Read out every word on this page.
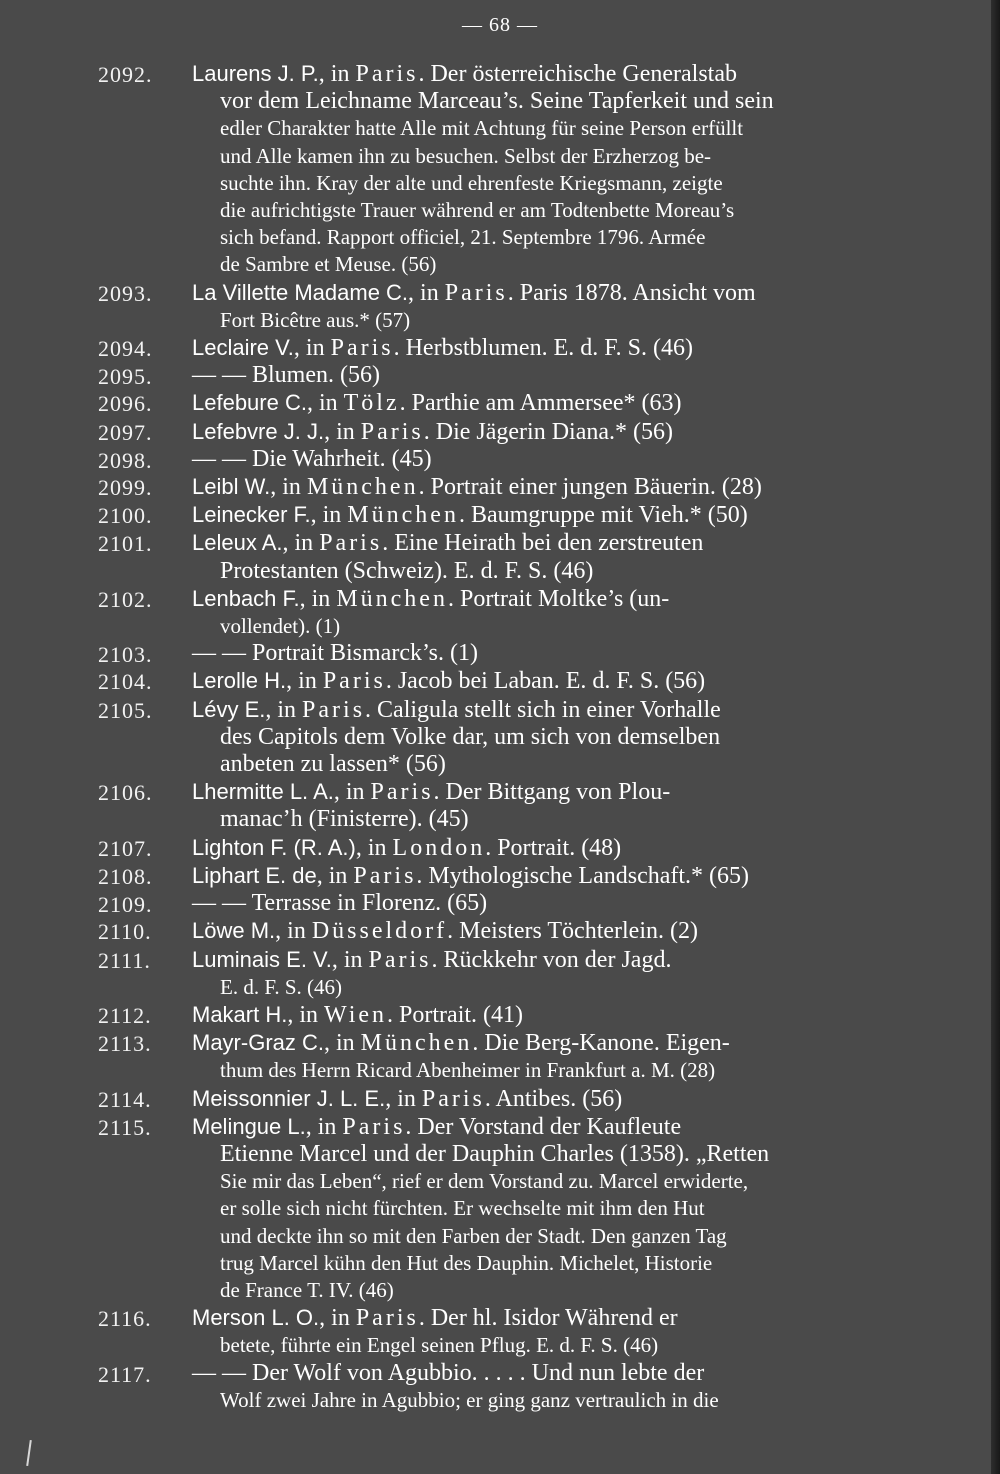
— 68 —
2092. Laurens J. P., in Paris. Der österreichische Generalstab
vor dem Leichname Marceau’s. Seine Tapferkeit und sein
edler Charakter hatte Alle mit Achtung für seine Person erfüllt
und Alle kamen ihn zu besuchen. Selbst der Erzherzog be-
suchte ihn. Kray der alte und ehrenfeste Kriegsmann, zeigte
die aufrichtigste Trauer während er am Todtenbette Moreau’s
sich befand. Rapport officiel, 21. Septembre 1796. Armée
de Sambre et Meuse. (56)
2093. La Villette Madame C., in Paris. Paris 1878. Ansicht vom
Fort Bicêtre aus.* (57)
2094. Leclaire V., in Paris. Herbstblumen. E. d. F. S. (46)
2095. — — Blumen. (56)
2096. Lefebure C., in Tölz. Parthie am Ammersee* (63)
2097. Lefebvre J. J., in Paris. Die Jägerin Diana.* (56)
2098. — — Die Wahrheit. (45)
2099. Leibl W., in München. Portrait einer jungen Bäuerin. (28)
2100. Leinecker F., in München. Baumgruppe mit Vieh.* (50)
2101. Leleux A., in Paris. Eine Heirath bei den zerstreuten
Protestanten (Schweiz). E. d. F. S. (46)
2102. Lenbach F., in München. Portrait Moltke’s (un-
vollendet). (1)
2103. — — Portrait Bismarck’s. (1)
2104. Lerolle H., in Paris. Jacob bei Laban. E. d. F. S. (56)
2105. Lévy E., in Paris. Caligula stellt sich in einer Vorhalle
des Capitols dem Volke dar, um sich von demselben
anbeten zu lassen* (56)
2106. Lhermitte L. A., in Paris. Der Bittgang von Plou-
manac’h (Finisterre). (45)
2107. Lighton F. (R. A.), in London. Portrait. (48)
2108. Liphart E. de, in Paris. Mythologische Landschaft.* (65)
2109. — — Terrasse in Florenz. (65)
2110. Löwe M., in Düsseldorf. Meisters Töchterlein. (2)
2111. Luminais E. V., in Paris. Rückkehr von der Jagd.
E. d. F. S. (46)
2112. Makart H., in Wien. Portrait. (41)
2113. Mayr-Graz C., in München. Die Berg-Kanone. Eigen-
thum des Herrn Ricard Abenheimer in Frankfurt a. M. (28)
2114. Meissonnier J. L. E., in Paris. Antibes. (56)
2115. Melingue L., in Paris. Der Vorstand der Kaufleute
Etienne Marcel und der Dauphin Charles (1358). „Retten
Sie mir das Leben“, rief er dem Vorstand zu. Marcel erwiderte,
er solle sich nicht fürchten. Er wechselte mit ihm den Hut
und deckte ihn so mit den Farben der Stadt. Den ganzen Tag
trug Marcel kühn den Hut des Dauphin. Michelet, Historie
de France T. IV. (46)
2116. Merson L. O., in Paris. Der hl. Isidor Während er
betete, führte ein Engel seinen Pflug. E. d. F. S. (46)
2117. — — Der Wolf von Agubbio. . . . . Und nun lebte der
Wolf zwei Jahre in Agubbio; er ging ganz vertraulich in die
